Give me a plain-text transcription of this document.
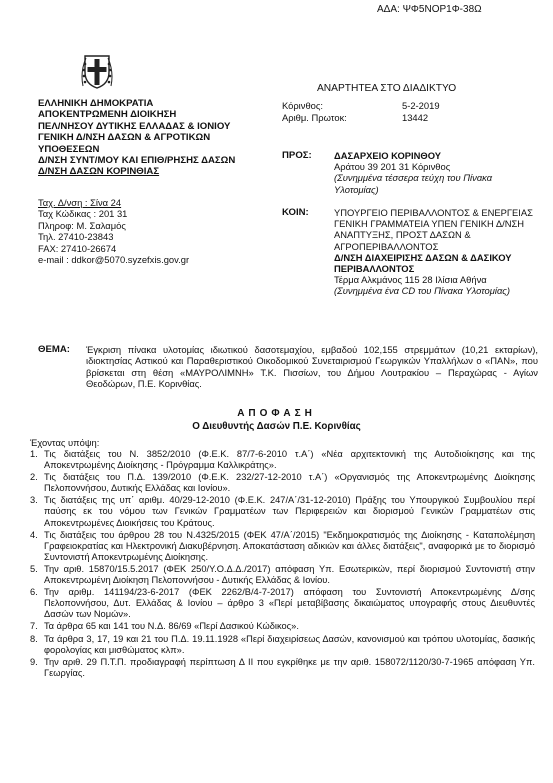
ΑΔΑ: ΨΦ5ΝΟΡ1Φ-38Ω
ΕΛΛΗΝΙΚΗ ΔΗΜΟΚΡΑΤΙΑ
ΑΠΟΚΕΝΤΡΩΜΕΝΗ ΔΙΟΙΚΗΣΗ
ΠΕΛ/ΝΗΣΟΥ ΔΥΤΙΚΗΣ ΕΛΛΑΔΑΣ & ΙΟΝΙΟΥ
ΓΕΝΙΚΗ Δ/ΝΣΗ ΔΑΣΩΝ & ΑΓΡΟΤΙΚΩΝ
ΥΠΟΘΕΣΕΩΝ
Δ/ΝΣΗ ΣΥΝΤ/ΜΟΥ ΚΑΙ ΕΠΙΘ/ΡΗΣΗΣ ΔΑΣΩΝ
Δ/ΝΣΗ ΔΑΣΩΝ ΚΟΡΙΝΘΙΑΣ
Ταχ. Δ/νση : Σίνα 24
Ταχ Κώδικας : 201 31
Πληροφ: Μ. Σαλαμός
Τηλ. 27410-23843
FAX: 27410-26674
e-mail : ddkor@5070.syzefxis.gov.gr
ΑΝΑΡΤΗΤΕΑ ΣΤΟ ΔΙΑΔΙΚΤΥΟ
Κόρινθος:	5-2-2019
Αριθμ. Πρωτοκ:	13442
ΠΡΟΣ: ΔΑΣΑΡΧΕΙΟ ΚΟΡΙΝΘΟΥ
Αράτου 39 201 31 Κόρινθος
(Συνημμένα τέσσερα τεύχη του Πίνακα Υλοτομίας)
ΚΟΙΝ:	ΥΠΟΥΡΓΕΙΟ ΠΕΡΙΒΑΛΛΟΝΤΟΣ & ΕΝΕΡΓΕΙΑΣ ΓΕΝΙΚΗ ΓΡΑΜΜΑΤΕΙΑ ΥΠΕΝ ΓΕΝΙΚΗ Δ/ΝΣΗ ΑΝΑΠΤΥΞΗΣ, ΠΡΟΣΤ ΔΑΣΩΝ & ΑΓΡΟΠΕΡΙΒΑΛΛΟΝΤΟΣ
Δ/ΝΣΗ ΔΙΑΧΕΙΡΙΣΗΣ ΔΑΣΩΝ & ΔΑΣΙΚΟΥ ΠΕΡΙΒΑΛΛΟΝΤΟΣ
Τέρμα Αλκμάνος 115 28 Ιλίσια Αθήνα
(Συνημμένα ένα CD του Πίνακα Υλοτομίας)
ΘΕΜΑ: Έγκριση πίνακα υλοτομίας ιδιωτικού δασοτεμαχίου, εμβαδού 102,155 στρεμμάτων (10,21 εκταρίων), ιδιοκτησίας Αστικού και Παραθεριστικού Οικοδομικού Συνεταιρισμού Γεωργικών Υπαλλήλων ο «ΠΑΝ», που βρίσκεται στη θέση «ΜΑΥΡΟΛΙΜΝΗ» Τ.Κ. Πισσίων, του Δήμου Λουτρακίου – Περαχώρας - Αγίων Θεοδώρων, Π.Ε. Κορινθίας.
ΑΠΟΦΑΣΗ
Ο Διευθυντής Δασών Π.Ε. Κορινθίας
Έχοντας υπόψη:
1. Τις διατάξεις του Ν. 3852/2010 (Φ.Ε.Κ. 87/7-6-2010 τ.Α΄) «Νέα αρχιτεκτονική της Αυτοδιοίκησης και της Αποκεντρωμένης Διοίκησης - Πρόγραμμα Καλλικράτης».
2. Τις διατάξεις του Π.Δ. 139/2010 (Φ.Ε.Κ. 232/27-12-2010 τ.Α΄) «Οργανισμός της Αποκεντρωμένης Διοίκησης Πελοποννήσου, Δυτικής Ελλάδας και Ιονίου».
3. Τις διατάξεις της υπ΄ αριθμ. 40/29-12-2010 (Φ.Ε.Κ. 247/Α΄/31-12-2010) Πράξης του Υπουργικού Συμβουλίου περί παύσης εκ του νόμου των Γενικών Γραμματέων των Περιφερειών και διορισμού Γενικών Γραμματέων στις Αποκεντρωμένες Διοικήσεις του Κράτους.
4. Τις διατάξεις του άρθρου 28 του Ν.4325/2015 (ΦΕΚ 47/Α΄/2015) "Εκδημοκρατισμός της Διοίκησης - Καταπολέμηση Γραφειοκρατίας και Ηλεκτρονική Διακυβέρνηση. Αποκατάσταση αδικιών και άλλες διατάξεις", αναφορικά με το διορισμό Συντονιστή Αποκεντρωμένης Διοίκησης.
5. Την αριθ. 15870/15.5.2017 (ΦΕΚ 250/Υ.Ο.Δ.Δ./2017) απόφαση Υπ. Εσωτερικών, περί διορισμού Συντονιστή στην Αποκεντρωμένη Διοίκηση Πελοποννήσου - Δυτικής Ελλάδας & Ιονίου.
6. Την αριθμ. 141194/23-6-2017 (ΦΕΚ 2262/Β/4-7-2017) απόφαση του Συντονιστή Αποκεντρωμένης Δ/σης Πελοποννήσου, Δυτ. Ελλάδας & Ιονίου – άρθρο 3 «Περί μεταβίβασης δικαιώματος υπογραφής στους Διευθυντές Δασών των Νομών».
7. Τα άρθρα 65 και 141 του Ν.Δ. 86/69 «Περί Δασικού Κώδικος».
8. Τα άρθρα 3, 17, 19 και 21 του Π.Δ. 19.11.1928 «Περί διαχειρίσεως Δασών, κανονισμού και τρόπου υλοτομίας, δασικής φορολογίας και μισθώματος κλπ».
9. Την αριθ. 29 Π.Τ.Π. προδιαγραφή περίπτωση Δ ΙΙ που εγκρίθηκε με την αριθ. 158072/1120/30-7-1965 απόφαση Υπ. Γεωργίας.
